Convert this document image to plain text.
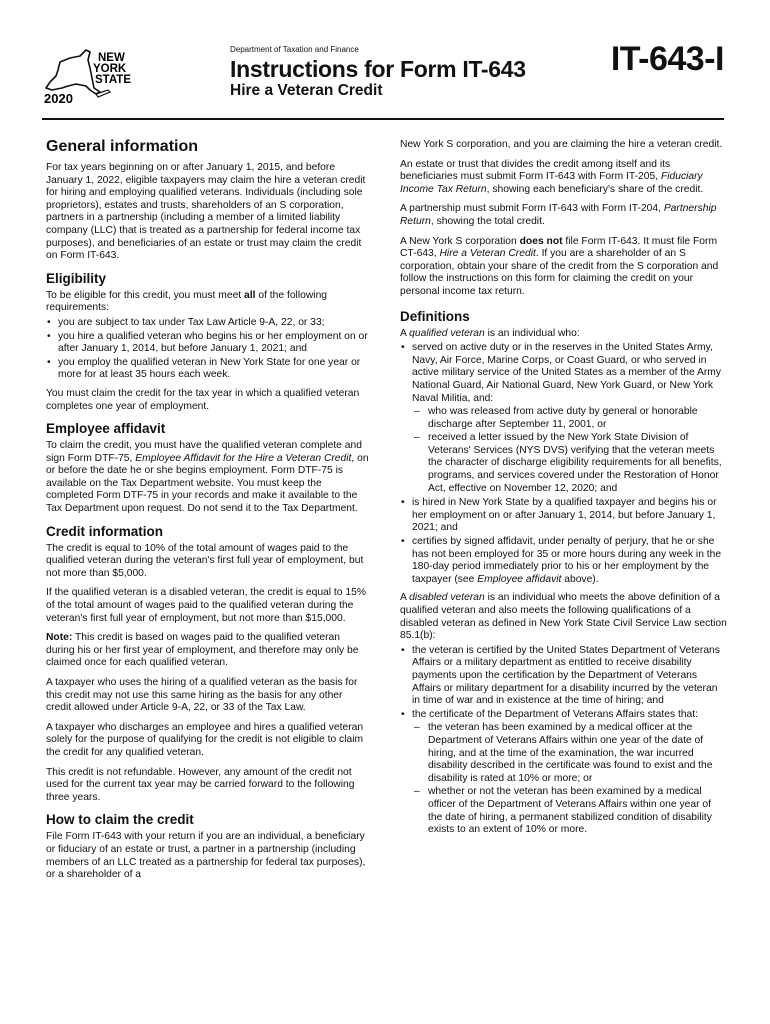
NEW
YORK
STATE
2020
Department of Taxation and Finance
Instructions for Form IT-643
Hire a Veteran Credit
IT-643-I
General information

For tax years beginning on or after January 1, 2015, and before January 1, 2022, eligible taxpayers may claim the hire a veteran credit for hiring and employing qualified veterans. Individuals (including sole proprietors), estates and trusts, shareholders of an S corporation, partners in a partnership (including a member of a limited liability company (LLC) that is treated as a partnership for federal income tax purposes), and beneficiaries of an estate or trust may claim the credit on Form IT-643.

Eligibility

To be eligible for this credit, you must meet all of the following requirements:

• you are subject to tax under Tax Law Article 9-A, 22, or 33;
• you hire a qualified veteran who begins his or her employment on or after January 1, 2014, but before January 1, 2021; and
• you employ the qualified veteran in New York State for one year or more for at least 35 hours each week.

You must claim the credit for the tax year in which a qualified veteran completes one year of employment.

Employee affidavit

To claim the credit, you must have the qualified veteran complete and sign Form DTF-75, Employee Affidavit for the Hire a Veteran Credit, on or before the date he or she begins employment. Form DTF-75 is available on the Tax Department website. You must keep the completed Form DTF-75 in your records and make it available to the Tax Department upon request. Do not send it to the Tax Department.

Credit information

The credit is equal to 10% of the total amount of wages paid to the qualified veteran during the veteran's first full year of employment, but not more than $5,000.

If the qualified veteran is a disabled veteran, the credit is equal to 15% of the total amount of wages paid to the qualified veteran during the veteran's first full year of employment, but not more than $15,000.

Note: This credit is based on wages paid to the qualified veteran during his or her first year of employment, and therefore may only be claimed once for each qualified veteran.

A taxpayer who uses the hiring of a qualified veteran as the basis for this credit may not use this same hiring as the basis for any other credit allowed under Article 9-A, 22, or 33 of the Tax Law.

A taxpayer who discharges an employee and hires a qualified veteran solely for the purpose of qualifying for the credit is not eligible to claim the credit for any qualified veteran.

This credit is not refundable. However, any amount of the credit not used for the current tax year may be carried forward to the following three years.

How to claim the credit

File Form IT-643 with your return if you are an individual, a beneficiary or fiduciary of an estate or trust, a partner in a partnership (including members of an LLC treated as a partnership for federal tax purposes), or a shareholder of a

New York S corporation, and you are claiming the hire a veteran credit.

An estate or trust that divides the credit among itself and its beneficiaries must submit Form IT-643 with Form IT-205, Fiduciary Income Tax Return, showing each beneficiary's share of the credit.

A partnership must submit Form IT-643 with Form IT-204, Partnership Return, showing the total credit.

A New York S corporation does not file Form IT-643. It must file Form CT-643, Hire a Veteran Credit. If you are a shareholder of an S corporation, obtain your share of the credit from the S corporation and follow the instructions on this form for claiming the credit on your personal income tax return.

Definitions

A qualified veteran is an individual who:

• served on active duty or in the reserves in the United States Army, Navy, Air Force, Marine Corps, or Coast Guard, or who served in active military service of the United States as a member of the Army National Guard, Air National Guard, New York Guard, or New York Naval Militia, and:
– who was released from active duty by general or honorable discharge after September 11, 2001, or
– received a letter issued by the New York State Division of Veterans' Services (NYS DVS) verifying that the veteran meets the character of discharge eligibility requirements for all benefits, programs, and services covered under the Restoration of Honor Act, effective on November 12, 2020; and
• is hired in New York State by a qualified taxpayer and begins his or her employment on or after January 1, 2014, but before January 1, 2021; and
• certifies by signed affidavit, under penalty of perjury, that he or she has not been employed for 35 or more hours during any week in the 180-day period immediately prior to his or her employment by the taxpayer (see Employee affidavit above).

A disabled veteran is an individual who meets the above definition of a qualified veteran and also meets the following qualifications of a disabled veteran as defined in New York State Civil Service Law section 85.1(b):

• the veteran is certified by the United States Department of Veterans Affairs or a military department as entitled to receive disability payments upon the certification by the Department of Veterans Affairs or military department for a disability incurred by the veteran in time of war and in existence at the time of hiring; and
• the certificate of the Department of Veterans Affairs states that:
– the veteran has been examined by a medical officer at the Department of Veterans Affairs within one year of the date of hiring, and at the time of the examination, the war incurred disability described in the certificate was found to exist and the disability is rated at 10% or more; or
– whether or not the veteran has been examined by a medical officer of the Department of Veterans Affairs within one year of the date of hiring, a permanent stabilized condition of disability exists to an extent of 10% or more.
